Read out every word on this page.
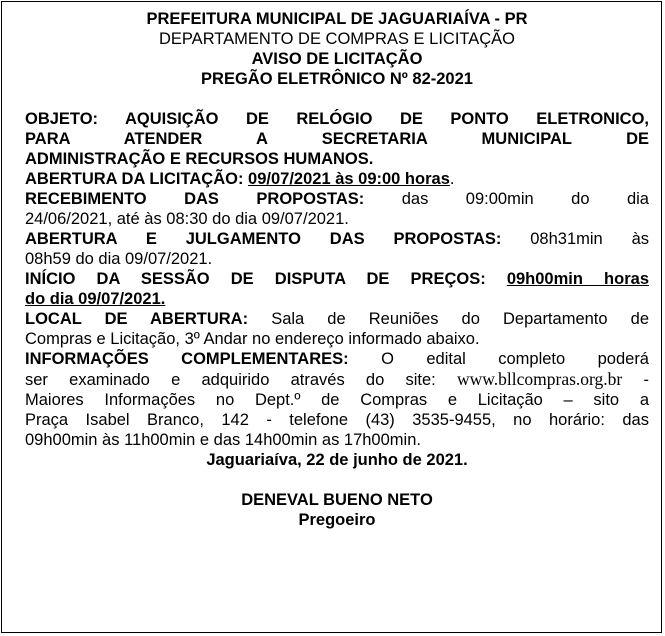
PREFEITURA MUNICIPAL DE JAGUARIAÍVA - PR

DEPARTAMENTO DE COMPRAS E LICITAÇÃO

AVISO DE LICITAÇÃO

PREGÃO ELETRÔNICO Nº 82-2021

OBJETO: AQUISIÇÃO DE RELÓGIO DE PONTO ELETRONICO,

PARA ATENDER A SECRETARIA MUNICIPAL DE

ADMINISTRAÇÃO E RECURSOS HUMANOS.

ABERTURA DA LICITAÇÃO: 09/07/2021 às 09:00 horas.

RECEBIMENTO DAS PROPOSTAS: das 09:00min do dia

24/06/2021, até às 08:30 do dia 09/07/2021.

ABERTURA E JULGAMENTO DAS PROPOSTAS: 08h31min às

08h59 do dia 09/07/2021.

INÍCIO DA SESSÃO DE DISPUTA DE PREÇOS: 09h00min horas

do dia 09/07/2021.

LOCAL DE ABERTURA: Sala de Reuniões do Departamento de

Compras e Licitação, 3º Andar no endereço informado abaixo.

INFORMAÇÕES COMPLEMENTARES: O edital completo poderá

ser examinado e adquirido através do site: www.bllcompras.org.br -

Maiores Informações no Dept.º de Compras e Licitação – sito a

Praça Isabel Branco, 142 - telefone (43) 3535-9455, no horário: das

09h00min às 11h00min e das 14h00min as 17h00min.

Jaguariaíva, 22 de junho de 2021.

DENEVAL BUENO NETO

Pregoeiro
